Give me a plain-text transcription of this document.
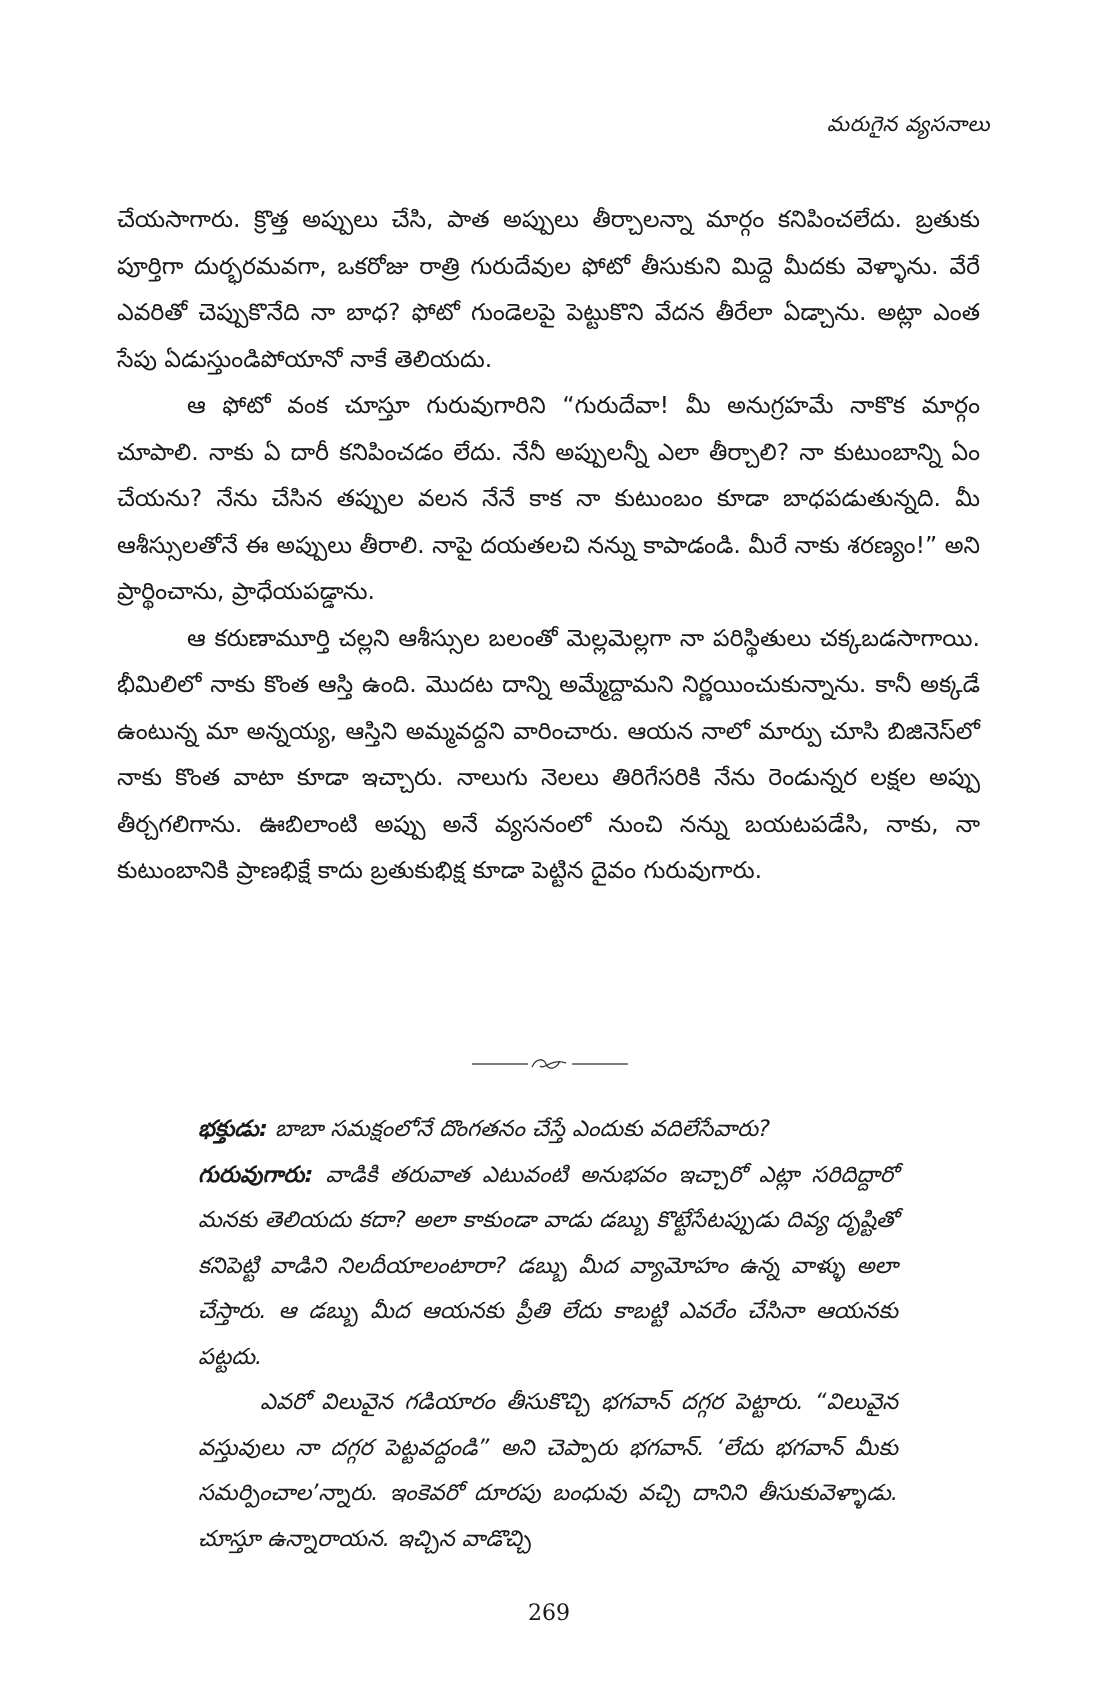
మరుగైన వ్యసనాలు

చేయసాగారు. క్రొత్త అప్పులు చేసి, పాత అప్పులు తీర్చాలన్నా మార్గం కనిపించలేదు. బ్రతుకు పూర్తిగా దుర్భరమవగా, ఒకరోజు రాత్రి గురుదేవుల ఫోటో తీసుకుని మిద్దె మీదకు వెళ్ళాను. వేరే ఎవరితో చెప్పుకొనేది నా బాధ? ఫోటో గుండెలపై పెట్టుకొని వేదన తీరేలా ఏడ్చాను. అట్లా ఎంత సేపు ఏడుస్తుండిపోయానో నాకే తెలియదు.

ఆ ఫోటో వంక చూస్తూ గురువుగారిని “గురుదేవా! మీ అనుగ్రహమే నాకొక మార్గం చూపాలి. నాకు ఏ దారీ కనిపించడం లేదు. నేనీ అప్పులన్నీ ఎలా తీర్చాలి? నా కుటుంబాన్ని ఏం చేయను? నేను చేసిన తప్పుల వలన నేనే కాక నా కుటుంబం కూడా బాధపడుతున్నది. మీ ఆశీస్సులతోనే ఈ అప్పులు తీరాలి. నాపై దయతలచి నన్ను కాపాడండి. మీరే నాకు శరణ్యం!” అని ప్రార్థించాను, ప్రాధేయపడ్డాను.

ఆ కరుణామూర్తి చల్లని ఆశీస్సుల బలంతో మెల్లమెల్లగా నా పరిస్థితులు చక్కబడసాగాయి. భీమిలిలో నాకు కొంత ఆస్తి ఉంది. మొదట దాన్ని అమ్మేద్దామని నిర్ణయించుకున్నాను. కానీ అక్కడే ఉంటున్న మా అన్నయ్య, ఆస్తిని అమ్మవద్దని వారించారు. ఆయన నాలో మార్పు చూసి బిజినెస్‌లో నాకు కొంత వాటా కూడా ఇచ్చారు. నాలుగు నెలలు తిరిగేసరికి నేను రెండున్నర లక్షల అప్పు తీర్చగలిగాను. ఊబిలాంటి అప్పు అనే వ్యసనంలో నుంచి నన్ను బయటపడేసి, నాకు, నా కుటుంబానికి ప్రాణభిక్షే కాదు బ్రతుకుభిక్ష కూడా పెట్టిన దైవం గురువుగారు.

భక్తుడు: బాబా సమక్షంలోనే దొంగతనం చేస్తే ఎందుకు వదిలేసేవారు?

గురువుగారు: వాడికి తరువాత ఎటువంటి అనుభవం ఇచ్చారో ఎట్లా సరిదిద్దారో మనకు తెలియదు కదా? అలా కాకుండా వాడు డబ్బు కొట్టేసేటప్పుడు దివ్య దృష్టితో కనిపెట్టి వాడిని నిలదీయాలంటారా? డబ్బు మీద వ్యామోహం ఉన్న వాళ్ళు అలా చేస్తారు. ఆ డబ్బు మీద ఆయనకు ప్రీతి లేదు కాబట్టి ఎవరేం చేసినా ఆయనకు పట్టదు.

ఎవరో విలువైన గడియారం తీసుకొచ్చి భగవాన్ దగ్గర పెట్టారు. “విలువైన వస్తువులు నా దగ్గర పెట్టవద్దండి” అని చెప్పారు భగవాన్. ‘లేదు భగవాన్ మీకు సమర్పించాల’న్నారు. ఇంకెవరో దూరపు బంధువు వచ్చి దానిని తీసుకువెళ్ళాడు. చూస్తూ ఉన్నారాయన. ఇచ్చిన వాడొచ్చి

269
